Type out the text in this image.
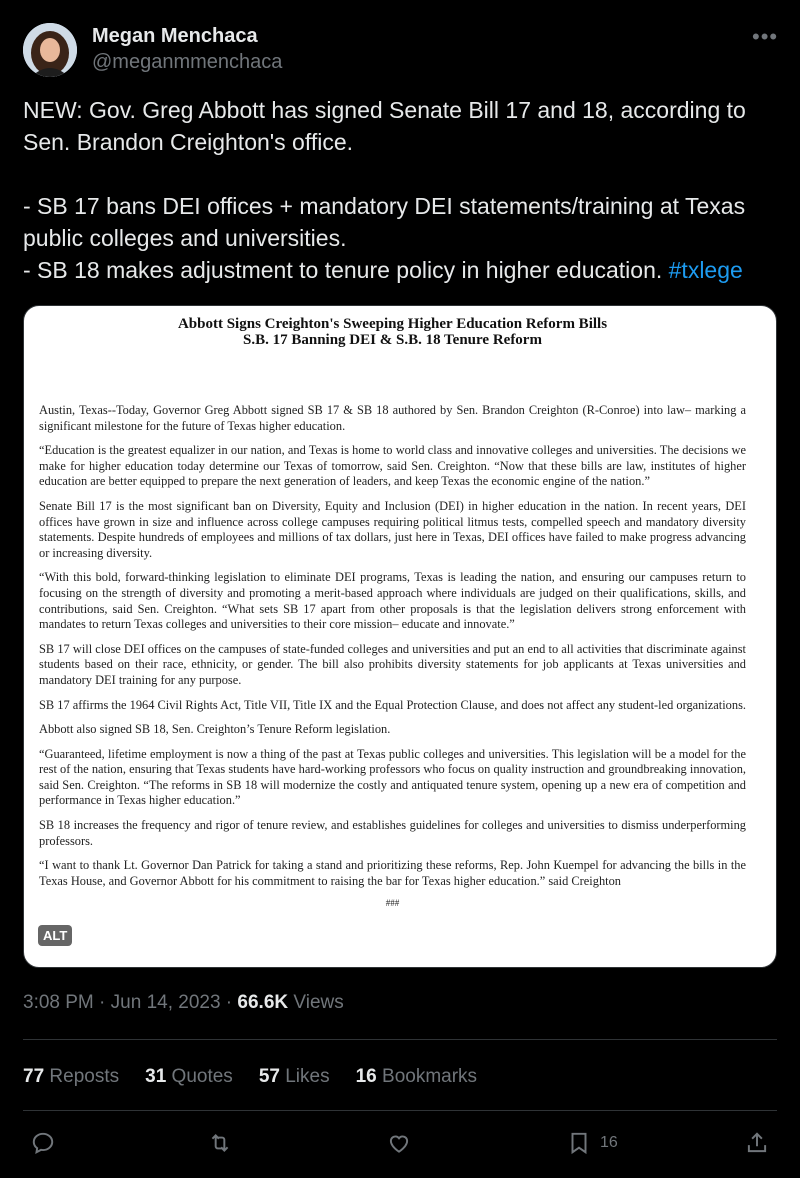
Megan Menchaca
@meganmmenchaca
•••

NEW: Gov. Greg Abbott has signed Senate Bill 17 and 18, according to Sen. Brandon Creighton's office.

- SB 17 bans DEI offices + mandatory DEI statements/training at Texas public colleges and universities.

- SB 18 makes adjustment to tenure policy in higher education. #txlege

Abbott Signs Creighton's Sweeping Higher Education Reform Bills
S.B. 17 Banning DEI & S.B. 18 Tenure Reform

Austin, Texas--Today, Governor Greg Abbott signed SB 17 & SB 18 authored by Sen. Brandon Creighton (R-Conroe) into law– marking a significant milestone for the future of Texas higher education.

“Education is the greatest equalizer in our nation, and Texas is home to world class and innovative colleges and universities. The decisions we make for higher education today determine our Texas of tomorrow, said Sen. Creighton. “Now that these bills are law, institutes of higher education are better equipped to prepare the next generation of leaders, and keep Texas the economic engine of the nation.”

Senate Bill 17 is the most significant ban on Diversity, Equity and Inclusion (DEI) in higher education in the nation. In recent years, DEI offices have grown in size and influence across college campuses requiring political litmus tests, compelled speech and mandatory diversity statements. Despite hundreds of employees and millions of tax dollars, just here in Texas, DEI offices have failed to make progress advancing or increasing diversity.

“With this bold, forward-thinking legislation to eliminate DEI programs, Texas is leading the nation, and ensuring our campuses return to focusing on the strength of diversity and promoting a merit-based approach where individuals are judged on their qualifications, skills, and contributions, said Sen. Creighton. “What sets SB 17 apart from other proposals is that the legislation delivers strong enforcement with mandates to return Texas colleges and universities to their core mission– educate and innovate.”

SB 17 will close DEI offices on the campuses of state-funded colleges and universities and put an end to all activities that discriminate against students based on their race, ethnicity, or gender. The bill also prohibits diversity statements for job applicants at Texas universities and mandatory DEI training for any purpose.

SB 17 affirms the 1964 Civil Rights Act, Title VII, Title IX and the Equal Protection Clause, and does not affect any student-led organizations.

Abbott also signed SB 18, Sen. Creighton’s Tenure Reform legislation.

“Guaranteed, lifetime employment is now a thing of the past at Texas public colleges and universities. This legislation will be a model for the rest of the nation, ensuring that Texas students have hard-working professors who focus on quality instruction and groundbreaking innovation, said Sen. Creighton. “The reforms in SB 18 will modernize the costly and antiquated tenure system, opening up a new era of competition and performance in Texas higher education.”

SB 18 increases the frequency and rigor of tenure review, and establishes guidelines for colleges and universities to dismiss underperforming professors.

“I want to thank Lt. Governor Dan Patrick for taking a stand and prioritizing these reforms, Rep. John Kuempel for advancing the bills in the Texas House, and Governor Abbott for his commitment to raising the bar for Texas higher education.” said Creighton

###
ALT
3:08 PM · Jun 14, 2023 · 66.6K Views
77 Reposts 31 Quotes 57 Likes 16 Bookmarks
16
